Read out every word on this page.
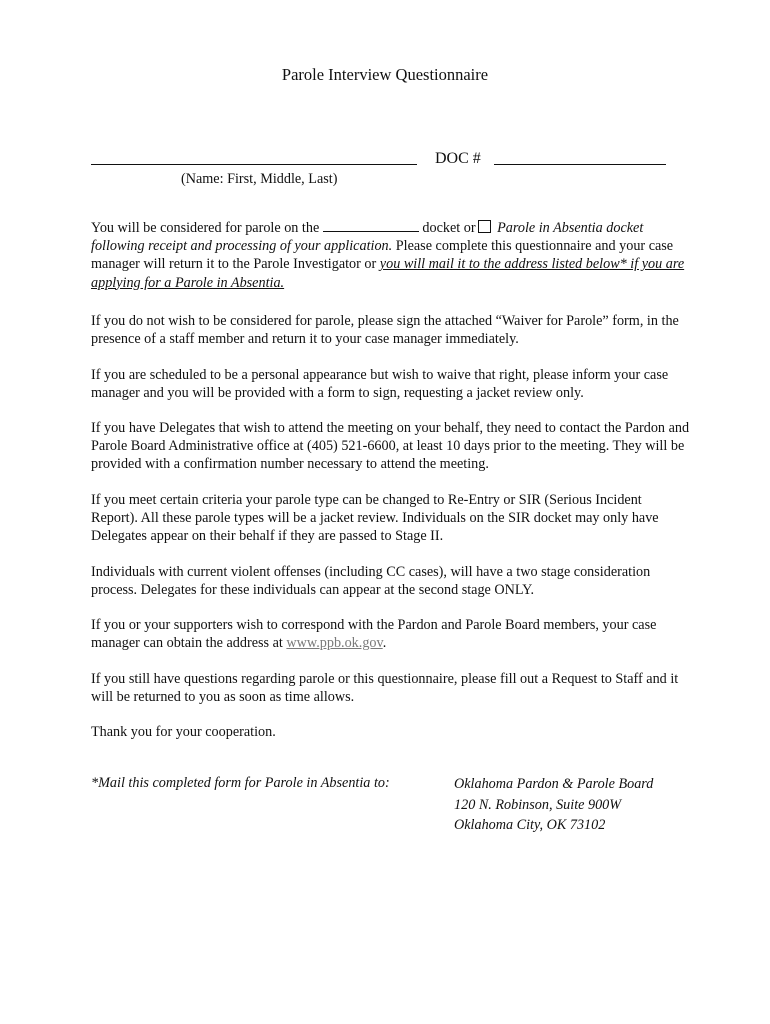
Parole Interview Questionnaire
(Name: First, Middle, Last)
DOC #

You will be considered for parole on the	docket or Parole in Absentia docket following receipt and processing of your application. Please complete this questionnaire and your case manager will return it to the Parole Investigator or you will mail it to the address listed below* if you are applying for a Parole in Absentia.

If you do not wish to be considered for parole, please sign the attached “Waiver for Parole” form, in the presence of a staff member and return it to your case manager immediately.

If you are scheduled to be a personal appearance but wish to waive that right, please inform your case manager and you will be provided with a form to sign, requesting a jacket review only.

If you have Delegates that wish to attend the meeting on your behalf, they need to contact the Pardon and Parole Board Administrative office at (405) 521-6600, at least 10 days prior to the meeting. They will be provided with a confirmation number necessary to attend the meeting.

If you meet certain criteria your parole type can be changed to Re-Entry or SIR (Serious Incident Report). All these parole types will be a jacket review. Individuals on the SIR docket may only have Delegates appear on their behalf if they are passed to Stage II.

Individuals with current violent offenses (including CC cases), will have a two stage consideration process. Delegates for these individuals can appear at the second stage ONLY.

If you or your supporters wish to correspond with the Pardon and Parole Board members, your case manager can obtain the address at www.ppb.ok.gov.

If you still have questions regarding parole or this questionnaire, please fill out a Request to Staff and it will be returned to you as soon as time allows.

Thank you for your cooperation.

*Mail this completed form for Parole in Absentia to:	Oklahoma Pardon & Parole Board
120 N. Robinson, Suite 900W
Oklahoma City, OK 73102
